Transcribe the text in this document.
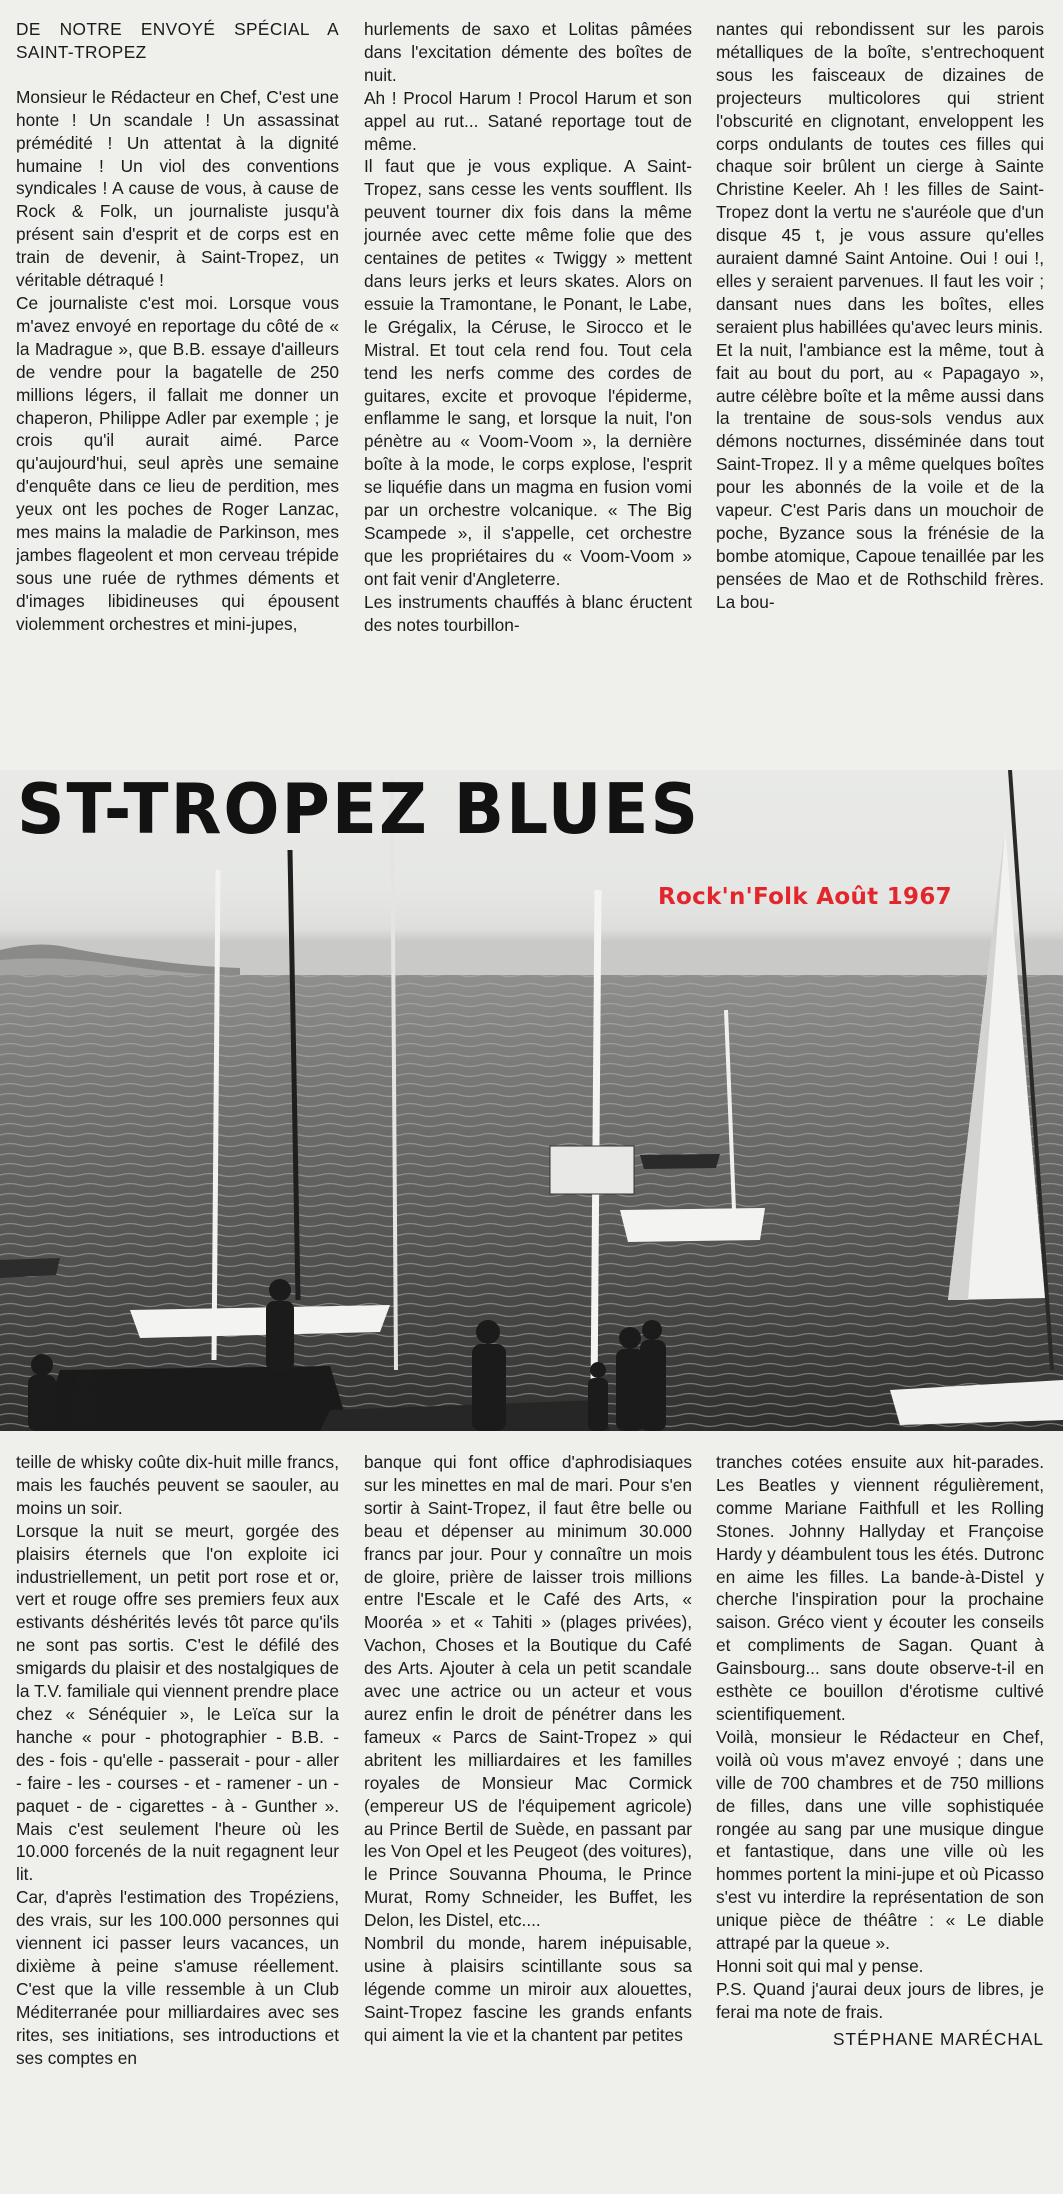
DE NOTRE ENVOYÉ SPÉCIAL A SAINT-TROPEZ

Monsieur le Rédacteur en Chef, C'est une honte ! Un scandale ! Un assassinat prémédité ! Un attentat à la dignité humaine ! Un viol des conventions syndicales ! A cause de vous, à cause de Rock & Folk, un journaliste jusqu'à présent sain d'esprit et de corps est en train de devenir, à Saint-Tropez, un véritable détraqué !

Ce journaliste c'est moi. Lorsque vous m'avez envoyé en reportage du côté de « la Madrague », que B.B. essaye d'ailleurs de vendre pour la bagatelle de 250 millions légers, il fallait me donner un chaperon, Philippe Adler par exemple ; je crois qu'il aurait aimé. Parce qu'aujourd'hui, seul après une semaine d'enquête dans ce lieu de perdition, mes yeux ont les poches de Roger Lanzac, mes mains la maladie de Parkinson, mes jambes flageolent et mon cerveau trépide sous une ruée de rythmes déments et d'images libidineuses qui épousent violemment orchestres et mini-jupes,

hurlements de saxo et Lolitas pâmées dans l'excitation démente des boîtes de nuit.

Ah ! Procol Harum ! Procol Harum et son appel au rut... Satané reportage tout de même.

Il faut que je vous explique. A Saint-Tropez, sans cesse les vents soufflent. Ils peuvent tourner dix fois dans la même journée avec cette même folie que des centaines de petites « Twiggy » mettent dans leurs jerks et leurs skates. Alors on essuie la Tramontane, le Ponant, le Labe, le Grégalix, la Céruse, le Sirocco et le Mistral. Et tout cela rend fou. Tout cela tend les nerfs comme des cordes de guitares, excite et provoque l'épiderme, enflamme le sang, et lorsque la nuit, l'on pénètre au « Voom-Voom », la dernière boîte à la mode, le corps explose, l'esprit se liquéfie dans un magma en fusion vomi par un orchestre volcanique. « The Big Scampede », il s'appelle, cet orchestre que les propriétaires du « Voom-Voom » ont fait venir d'Angleterre.

Les instruments chauffés à blanc éructent des notes tourbillon-

nantes qui rebondissent sur les parois métalliques de la boîte, s'entrechoquent sous les faisceaux de dizaines de projecteurs multicolores qui strient l'obscurité en clignotant, enveloppent les corps ondulants de toutes ces filles qui chaque soir brûlent un cierge à Sainte Christine Keeler. Ah ! les filles de Saint-Tropez dont la vertu ne s'auréole que d'un disque 45 t, je vous assure qu'elles auraient damné Saint Antoine. Oui ! oui !, elles y seraient parvenues. Il faut les voir ; dansant nues dans les boîtes, elles seraient plus habillées qu'avec leurs minis.

Et la nuit, l'ambiance est la même, tout à fait au bout du port, au « Papagayo », autre célèbre boîte et la même aussi dans la trentaine de sous-sols vendus aux démons nocturnes, disséminée dans tout Saint-Tropez. Il y a même quelques boîtes pour les abonnés de la voile et de la vapeur. C'est Paris dans un mouchoir de poche, Byzance sous la frénésie de la bombe atomique, Capoue tenaillée par les pensées de Mao et de Rothschild frères. La bou-

ST-TROPEZ BLUES
Rock'n'Folk Août 1967

teille de whisky coûte dix-huit mille francs, mais les fauchés peuvent se saouler, au moins un soir.

Lorsque la nuit se meurt, gorgée des plaisirs éternels que l'on exploite ici industriellement, un petit port rose et or, vert et rouge offre ses premiers feux aux estivants déshérités levés tôt parce qu'ils ne sont pas sortis. C'est le défilé des smigards du plaisir et des nostalgiques de la T.V. familiale qui viennent prendre place chez « Sénéquier », le Leïca sur la hanche « pour - photographier - B.B. - des - fois - qu'elle - passerait - pour - aller - faire - les - courses - et - ramener - un - paquet - de - cigarettes - à - Gunther ». Mais c'est seulement l'heure où les 10.000 forcenés de la nuit regagnent leur lit.

Car, d'après l'estimation des Tropéziens, des vrais, sur les 100.000 personnes qui viennent ici passer leurs vacances, un dixième à peine s'amuse réellement. C'est que la ville ressemble à un Club Méditerranée pour milliardaires avec ses rites, ses initiations, ses introductions et ses comptes en

banque qui font office d'aphrodisiaques sur les minettes en mal de mari. Pour s'en sortir à Saint-Tropez, il faut être belle ou beau et dépenser au minimum 30.000 francs par jour. Pour y connaître un mois de gloire, prière de laisser trois millions entre l'Escale et le Café des Arts, « Mooréa » et « Tahiti » (plages privées), Vachon, Choses et la Boutique du Café des Arts. Ajouter à cela un petit scandale avec une actrice ou un acteur et vous aurez enfin le droit de pénétrer dans les fameux « Parcs de Saint-Tropez » qui abritent les milliardaires et les familles royales de Monsieur Mac Cormick (empereur US de l'équipement agricole) au Prince Bertil de Suède, en passant par les Von Opel et les Peugeot (des voitures), le Prince Souvanna Phouma, le Prince Murat, Romy Schneider, les Buffet, les Delon, les Distel, etc....

Nombril du monde, harem inépuisable, usine à plaisirs scintillante sous sa légende comme un miroir aux alouettes, Saint-Tropez fascine les grands enfants qui aiment la vie et la chantent par petites

tranches cotées ensuite aux hit-parades. Les Beatles y viennent régulièrement, comme Mariane Faithfull et les Rolling Stones. Johnny Hallyday et Françoise Hardy y déambulent tous les étés. Dutronc en aime les filles. La bande-à-Distel y cherche l'inspiration pour la prochaine saison. Gréco vient y écouter les conseils et compliments de Sagan. Quant à Gainsbourg... sans doute observe-t-il en esthète ce bouillon d'érotisme cultivé scientifiquement.

Voilà, monsieur le Rédacteur en Chef, voilà où vous m'avez envoyé ; dans une ville de 700 chambres et de 750 millions de filles, dans une ville sophistiquée rongée au sang par une musique dingue et fantastique, dans une ville où les hommes portent la mini-jupe et où Picasso s'est vu interdire la représentation de son unique pièce de théâtre : « Le diable attrapé par la queue ».

Honni soit qui mal y pense.

P.S. Quand j'aurai deux jours de libres, je ferai ma note de frais.

STÉPHANE MARÉCHAL
